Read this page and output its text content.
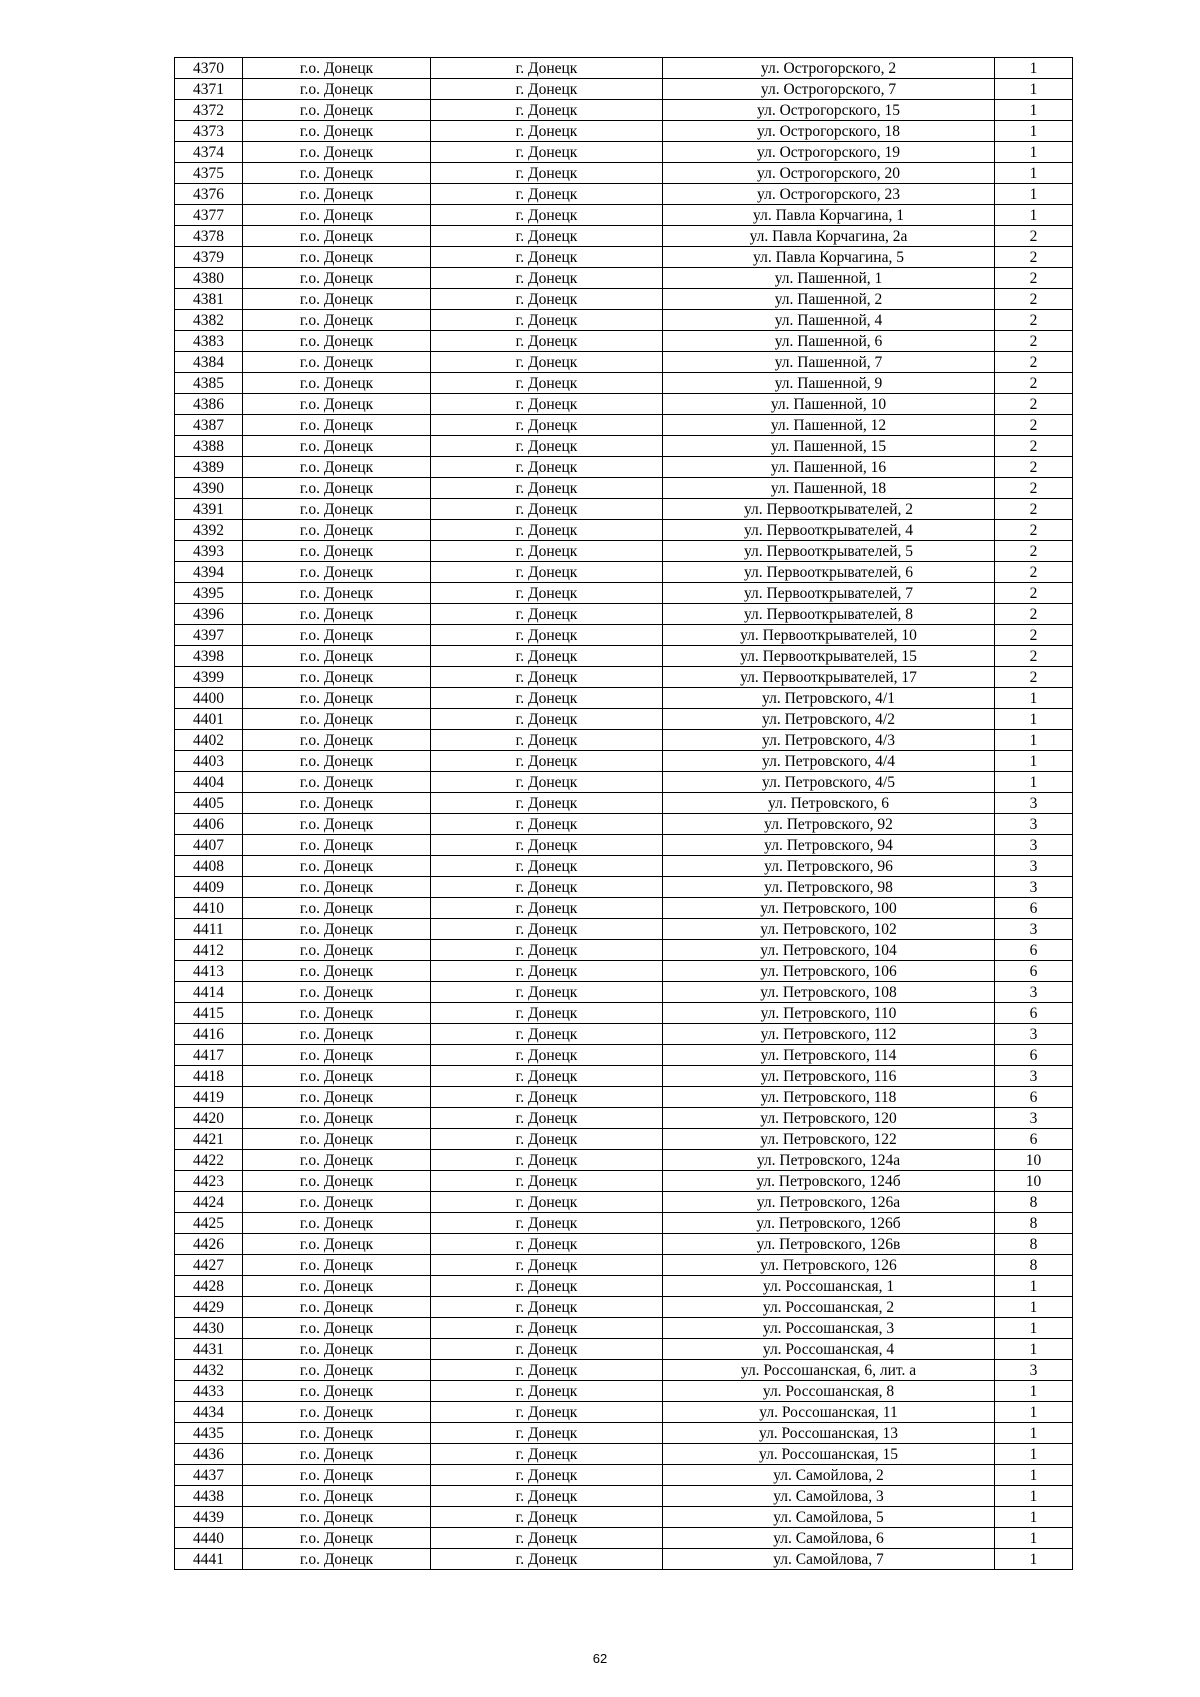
4370	г.о. Донецк	г. Донецк	ул. Острогорского, 2	1
4371	г.о. Донецк	г. Донецк	ул. Острогорского, 7	1
4372	г.о. Донецк	г. Донецк	ул. Острогорского, 15	1
4373	г.о. Донецк	г. Донецк	ул. Острогорского, 18	1
4374	г.о. Донецк	г. Донецк	ул. Острогорского, 19	1
4375	г.о. Донецк	г. Донецк	ул. Острогорского, 20	1
4376	г.о. Донецк	г. Донецк	ул. Острогорского, 23	1
4377	г.о. Донецк	г. Донецк	ул. Павла Корчагина, 1	1
4378	г.о. Донецк	г. Донецк	ул. Павла Корчагина, 2а	2
4379	г.о. Донецк	г. Донецк	ул. Павла Корчагина, 5	2
4380	г.о. Донецк	г. Донецк	ул. Пашенной, 1	2
4381	г.о. Донецк	г. Донецк	ул. Пашенной, 2	2
4382	г.о. Донецк	г. Донецк	ул. Пашенной, 4	2
4383	г.о. Донецк	г. Донецк	ул. Пашенной, 6	2
4384	г.о. Донецк	г. Донецк	ул. Пашенной, 7	2
4385	г.о. Донецк	г. Донецк	ул. Пашенной, 9	2
4386	г.о. Донецк	г. Донецк	ул. Пашенной, 10	2
4387	г.о. Донецк	г. Донецк	ул. Пашенной, 12	2
4388	г.о. Донецк	г. Донецк	ул. Пашенной, 15	2
4389	г.о. Донецк	г. Донецк	ул. Пашенной, 16	2
4390	г.о. Донецк	г. Донецк	ул. Пашенной, 18	2
4391	г.о. Донецк	г. Донецк	ул. Первооткрывателей, 2	2
4392	г.о. Донецк	г. Донецк	ул. Первооткрывателей, 4	2
4393	г.о. Донецк	г. Донецк	ул. Первооткрывателей, 5	2
4394	г.о. Донецк	г. Донецк	ул. Первооткрывателей, 6	2
4395	г.о. Донецк	г. Донецк	ул. Первооткрывателей, 7	2
4396	г.о. Донецк	г. Донецк	ул. Первооткрывателей, 8	2
4397	г.о. Донецк	г. Донецк	ул. Первооткрывателей, 10	2
4398	г.о. Донецк	г. Донецк	ул. Первооткрывателей, 15	2
4399	г.о. Донецк	г. Донецк	ул. Первооткрывателей, 17	2
4400	г.о. Донецк	г. Донецк	ул. Петровского, 4/1	1
4401	г.о. Донецк	г. Донецк	ул. Петровского, 4/2	1
4402	г.о. Донецк	г. Донецк	ул. Петровского, 4/3	1
4403	г.о. Донецк	г. Донецк	ул. Петровского, 4/4	1
4404	г.о. Донецк	г. Донецк	ул. Петровского, 4/5	1
4405	г.о. Донецк	г. Донецк	ул. Петровского, 6	3
4406	г.о. Донецк	г. Донецк	ул. Петровского, 92	3
4407	г.о. Донецк	г. Донецк	ул. Петровского, 94	3
4408	г.о. Донецк	г. Донецк	ул. Петровского, 96	3
4409	г.о. Донецк	г. Донецк	ул. Петровского, 98	3
4410	г.о. Донецк	г. Донецк	ул. Петровского, 100	6
4411	г.о. Донецк	г. Донецк	ул. Петровского, 102	3
4412	г.о. Донецк	г. Донецк	ул. Петровского, 104	6
4413	г.о. Донецк	г. Донецк	ул. Петровского, 106	6
4414	г.о. Донецк	г. Донецк	ул. Петровского, 108	3
4415	г.о. Донецк	г. Донецк	ул. Петровского, 110	6
4416	г.о. Донецк	г. Донецк	ул. Петровского, 112	3
4417	г.о. Донецк	г. Донецк	ул. Петровского, 114	6
4418	г.о. Донецк	г. Донецк	ул. Петровского, 116	3
4419	г.о. Донецк	г. Донецк	ул. Петровского, 118	6
4420	г.о. Донецк	г. Донецк	ул. Петровского, 120	3
4421	г.о. Донецк	г. Донецк	ул. Петровского, 122	6
4422	г.о. Донецк	г. Донецк	ул. Петровского, 124а	10
4423	г.о. Донецк	г. Донецк	ул. Петровского, 124б	10
4424	г.о. Донецк	г. Донецк	ул. Петровского, 126а	8
4425	г.о. Донецк	г. Донецк	ул. Петровского, 126б	8
4426	г.о. Донецк	г. Донецк	ул. Петровского, 126в	8
4427	г.о. Донецк	г. Донецк	ул. Петровского, 126	8
4428	г.о. Донецк	г. Донецк	ул. Россошанская, 1	1
4429	г.о. Донецк	г. Донецк	ул. Россошанская, 2	1
4430	г.о. Донецк	г. Донецк	ул. Россошанская, 3	1
4431	г.о. Донецк	г. Донецк	ул. Россошанская, 4	1
4432	г.о. Донецк	г. Донецк	ул. Россошанская, 6, лит. а	3
4433	г.о. Донецк	г. Донецк	ул. Россошанская, 8	1
4434	г.о. Донецк	г. Донецк	ул. Россошанская, 11	1
4435	г.о. Донецк	г. Донецк	ул. Россошанская, 13	1
4436	г.о. Донецк	г. Донецк	ул. Россошанская, 15	1
4437	г.о. Донецк	г. Донецк	ул. Самойлова, 2	1
4438	г.о. Донецк	г. Донецк	ул. Самойлова, 3	1
4439	г.о. Донецк	г. Донецк	ул. Самойлова, 5	1
4440	г.о. Донецк	г. Донецк	ул. Самойлова, 6	1
4441	г.о. Донецк	г. Донецк	ул. Самойлова, 7	1
62
